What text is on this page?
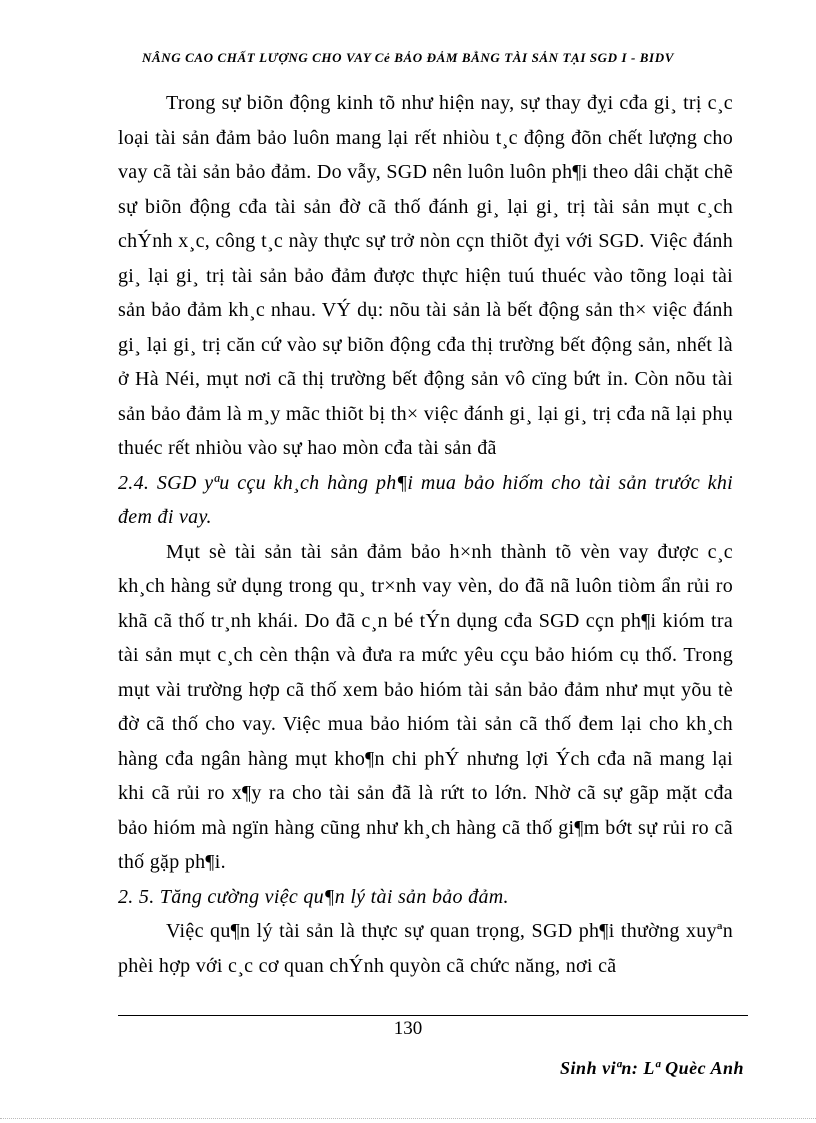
NÂNG CAO CHẤT LƯỢNG CHO VAY Cẻ BẢO ĐẢM BẰNG TÀI SẢN TẠI SGD I - BIDV

Trong sự biõn động kinh tõ như hiện nay, sự thay đỵi cđa gi¸ trị c¸c loại tài sản đảm bảo luôn mang lại rết nhiòu t¸c động đõn chết lượng cho vay cã tài sản bảo đảm. Do vẫy, SGD nên luôn luôn ph¶i theo dâi chặt chẽ sự biõn động cđa tài sản đờ cã thố đánh gi¸ lại gi¸ trị tài sản mụt c¸ch chÝnh x¸c, công t¸c này thực sự trở nòn cçn thiõt đỵi với SGD. Việc đánh gi¸ lại gi¸ trị tài sản bảo đảm được thực hiện tuú thuéc vào tõng loại tài sản bảo đảm kh¸c nhau. VÝ dụ: nõu tài sản là bết động sản th× việc đánh gi¸ lại gi¸ trị căn cứ vào sự biõn động cđa thị trường bết động sản, nhết là ở Hà Néi, mụt nơi cã thị trường bết động sản vô cïng bứt ỉn. Còn nõu tài sản bảo đảm là m¸y mãc thiõt bị th× việc đánh gi¸ lại gi¸ trị cđa nã lại phụ thuéc rết nhiòu vào sự hao mòn cđa tài sản đã

2.4. SGD yªu cçu kh¸ch hàng ph¶i mua bảo hiốm cho tài sản trước khi đem đi vay.

Mụt sè tài sản tài sản đảm bảo h×nh thành tõ vèn vay được c¸c kh¸ch hàng sử dụng trong qu¸ tr×nh vay vèn, do đã nã luôn tiòm ẩn rủi ro khã cã thố tr¸nh khái. Do đã c¸n bé tÝn dụng cđa SGD cçn ph¶i kióm tra tài sản mụt c¸ch cèn thận và đưa ra mức yêu cçu bảo hióm cụ thố. Trong mụt vài trường hợp cã thố xem bảo hióm tài sản bảo đảm như mụt yõu tè đờ cã thố cho vay. Việc mua bảo hióm tài sản cã thố đem lại cho kh¸ch hàng cđa ngân hàng mụt kho¶n chi phÝ nhưng lợi Ých cđa nã mang lại khi cã rủi ro x¶y ra cho tài sản đã là rứt to lớn. Nhờ cã sự gãp mặt cđa bảo hióm mà ngïn hàng cũng như kh¸ch hàng cã thố gi¶m bớt sự rủi ro cã thố gặp ph¶i.

2. 5. Tăng cường việc qu¶n lý tài sản bảo đảm.

Việc qu¶n lý tài sản là thực sự quan trọng, SGD ph¶i thường xuyªn phèi hợp với c¸c cơ quan chÝnh quyòn cã chức năng, nơi cã

130
Sinh viªn: Lª Quèc Anh
